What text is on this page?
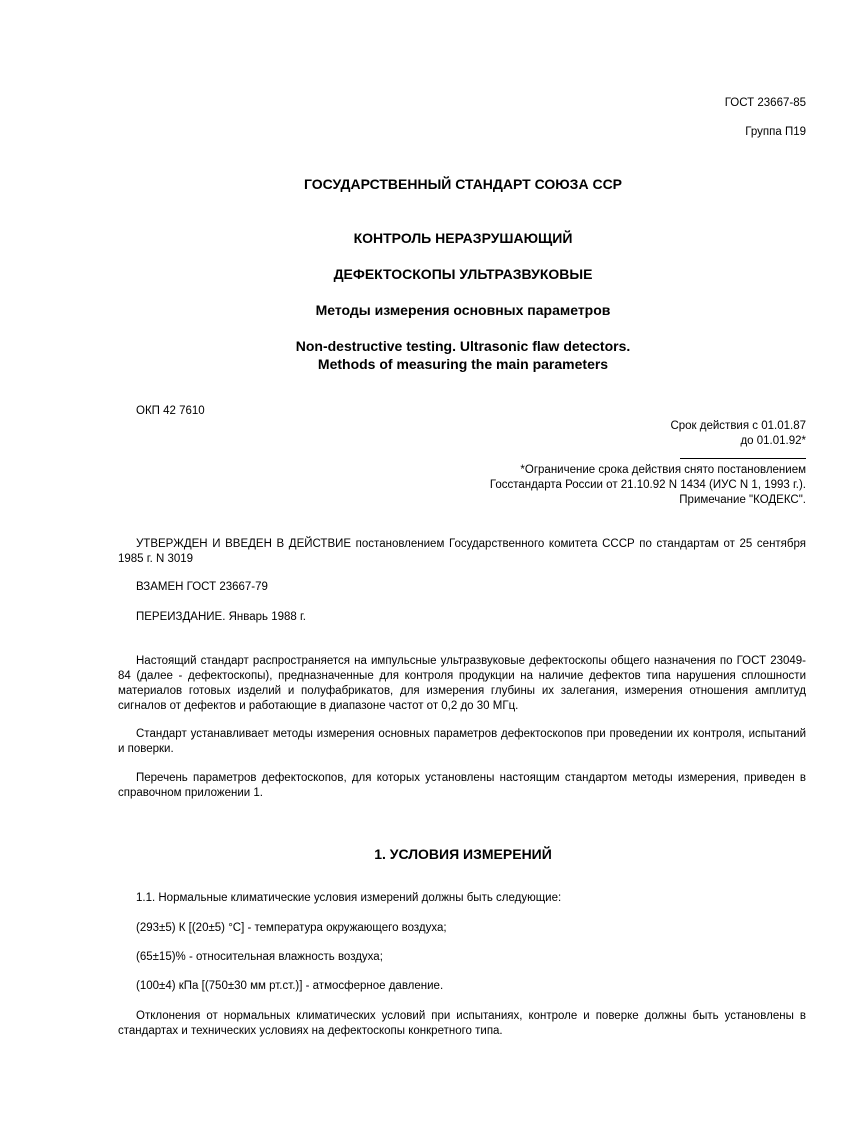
ГОСТ 23667-85
Группа П19
ГОСУДАРСТВЕННЫЙ СТАНДАРТ СОЮЗА ССР
КОНТРОЛЬ НЕРАЗРУШАЮЩИЙ
ДЕФЕКТОСКОПЫ УЛЬТРАЗВУКОВЫЕ
Методы измерения основных параметров
Non-destructive testing. Ultrasonic flaw detectors.
Methods of measuring the main parameters
ОКП 42 7610
Срок действия с 01.01.87
до 01.01.92*
*Ограничение срока действия снято постановлением
Госстандарта России от 21.10.92 N 1434 (ИУС N 1, 1993 г.).
Примечание "КОДЕКС".

УТВЕРЖДЕН И ВВЕДЕН В ДЕЙСТВИЕ постановлением Государственного комитета СССР по стандартам от 25 сентября 1985 г. N 3019

ВЗАМЕН ГОСТ 23667-79
ПЕРЕИЗДАНИЕ. Январь 1988 г.

Настоящий стандарт распространяется на импульсные ультразвуковые дефектоскопы общего назначения по ГОСТ 23049-84 (далее - дефектоскопы), предназначенные для контроля продукции на наличие дефектов типа нарушения сплошности материалов готовых изделий и полуфабрикатов, для измерения глубины их залегания, измерения отношения амплитуд сигналов от дефектов и работающие в диапазоне частот от 0,2 до 30 МГц.

Стандарт устанавливает методы измерения основных параметров дефектоскопов при проведении их контроля, испытаний и поверки.

Перечень параметров дефектоскопов, для которых установлены настоящим стандартом методы измерения, приведен в справочном приложении 1.

1. УСЛОВИЯ ИЗМЕРЕНИЙ
1.1. Нормальные климатические условия измерений должны быть следующие:
(293±5) К [(20±5) °С] - температура окружающего воздуха;
(65±15)% - относительная влажность воздуха;
(100±4) кПа [(750±30 мм рт.ст.)] - атмосферное давление.

Отклонения от нормальных климатических условий при испытаниях, контроле и поверке должны быть установлены в стандартах и технических условиях на дефектоскопы конкретного типа.
